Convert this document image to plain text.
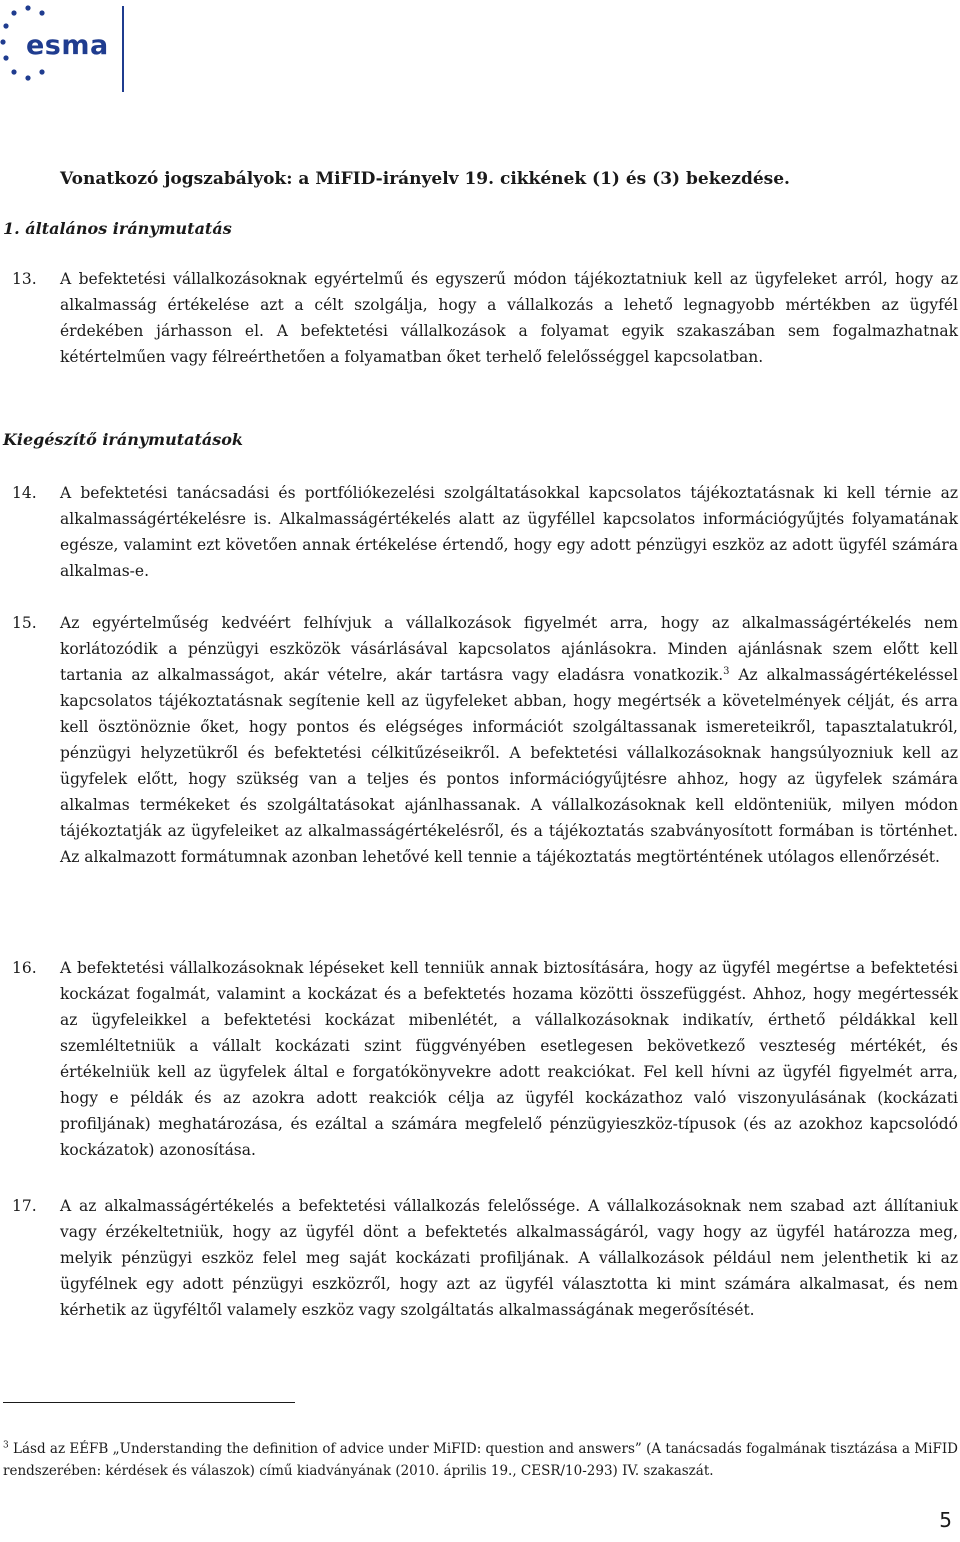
esma
Vonatkozó jogszabályok: a MiFID-irányelv 19. cikkének (1) és (3) bekezdése.
1. általános iránymutatás
13. A befektetési vállalkozásoknak egyértelmű és egyszerű módon tájékoztatniuk kell az ügyfeleket arról, hogy az alkalmasság értékelése azt a célt szolgálja, hogy a vállalkozás a lehető legnagyobb mértékben az ügyfél érdekében járhasson el. A befektetési vállalkozások a folyamat egyik szakaszában sem fogalmazhatnak kétértelműen vagy félreérthetően a folyamatban őket terhelő felelősséggel kapcsolatban.

Kiegészítő iránymutatások
14. A befektetési tanácsadási és portfóliókezelési szolgáltatásokkal kapcsolatos tájékoztatásnak ki kell térnie az alkalmasságértékelésre is. Alkalmasságértékelés alatt az ügyféllel kapcsolatos információgyűjtés folyamatának egésze, valamint ezt követően annak értékelése értendő, hogy egy adott pénzügyi eszköz az adott ügyfél számára alkalmas-e.

15. Az egyértelműség kedvéért felhívjuk a vállalkozások figyelmét arra, hogy az alkalmasságértékelés nem korlátozódik a pénzügyi eszközök vásárlásával kapcsolatos ajánlásokra. Minden ajánlásnak szem előtt kell tartania az alkalmasságot, akár vételre, akár tartásra vagy eladásra vonatkozik.$^3$ Az alkalmasságértékeléssel kapcsolatos tájékoztatásnak segítenie kell az ügyfeleket abban, hogy megértsék a követelmények célját, és arra kell ösztönöznie őket, hogy pontos és elégséges információt szolgáltassanak ismereteikről, tapasztalatukról, pénzügyi helyzetükről és befektetési célkitűzéseikről. A befektetési vállalkozásoknak hangsúlyozniuk kell az ügyfelek előtt, hogy szükség van a teljes és pontos információgyűjtésre ahhoz, hogy az ügyfelek számára alkalmas termékeket és szolgáltatásokat ajánlhassanak. A vállalkozásoknak kell eldönteniük, milyen módon tájékoztatják az ügyfeleiket az alkalmasságértékelésről, és a tájékoztatás szabványosított formában is történhet. Az alkalmazott formátumnak azonban lehetővé kell tennie a tájékoztatás megtörténtének utólagos ellenőrzését.

16. A befektetési vállalkozásoknak lépéseket kell tenniük annak biztosítására, hogy az ügyfél megértse a befektetési kockázat fogalmát, valamint a kockázat és a befektetés hozama közötti összefüggést. Ahhoz, hogy megértessék az ügyfeleikkel a befektetési kockázat mibenlétét, a vállalkozásoknak indikatív, érthető példákkal kell szemléltetniük a vállalt kockázati szint függvényében esetlegesen bekövetkező veszteség mértékét, és értékelniük kell az ügyfelek által e forgatókönyvekre adott reakciókat. Fel kell hívni az ügyfél figyelmét arra, hogy e példák és az azokra adott reakciók célja az ügyfél kockázathoz való viszonyulásának (kockázati profiljának) meghatározása, és ezáltal a számára megfelelő pénzügyieszköz-típusok (és az azokhoz kapcsolódó kockázatok) azonosítása.

17. A az alkalmasságértékelés a befektetési vállalkozás felelőssége. A vállalkozásoknak nem szabad azt állítaniuk vagy érzékeltetniük, hogy az ügyfél dönt a befektetés alkalmasságáról, vagy hogy az ügyfél határozza meg, melyik pénzügyi eszköz felel meg saját kockázati profiljának. A vállalkozások például nem jelenthetik ki az ügyfélnek egy adott pénzügyi eszközről, hogy azt az ügyfél választotta ki mint számára alkalmasat, és nem kérhetik az ügyféltől valamely eszköz vagy szolgáltatás alkalmasságának megerősítését.

$^3$ Lásd az EÉFB „Understanding the definition of advice under MiFID: question and answers” (A tanácsadás fogalmának tisztázása a MiFID rendszerében: kérdések és válaszok) című kiadványának (2010. április 19., CESR/10-293) IV. szakaszát.

5
